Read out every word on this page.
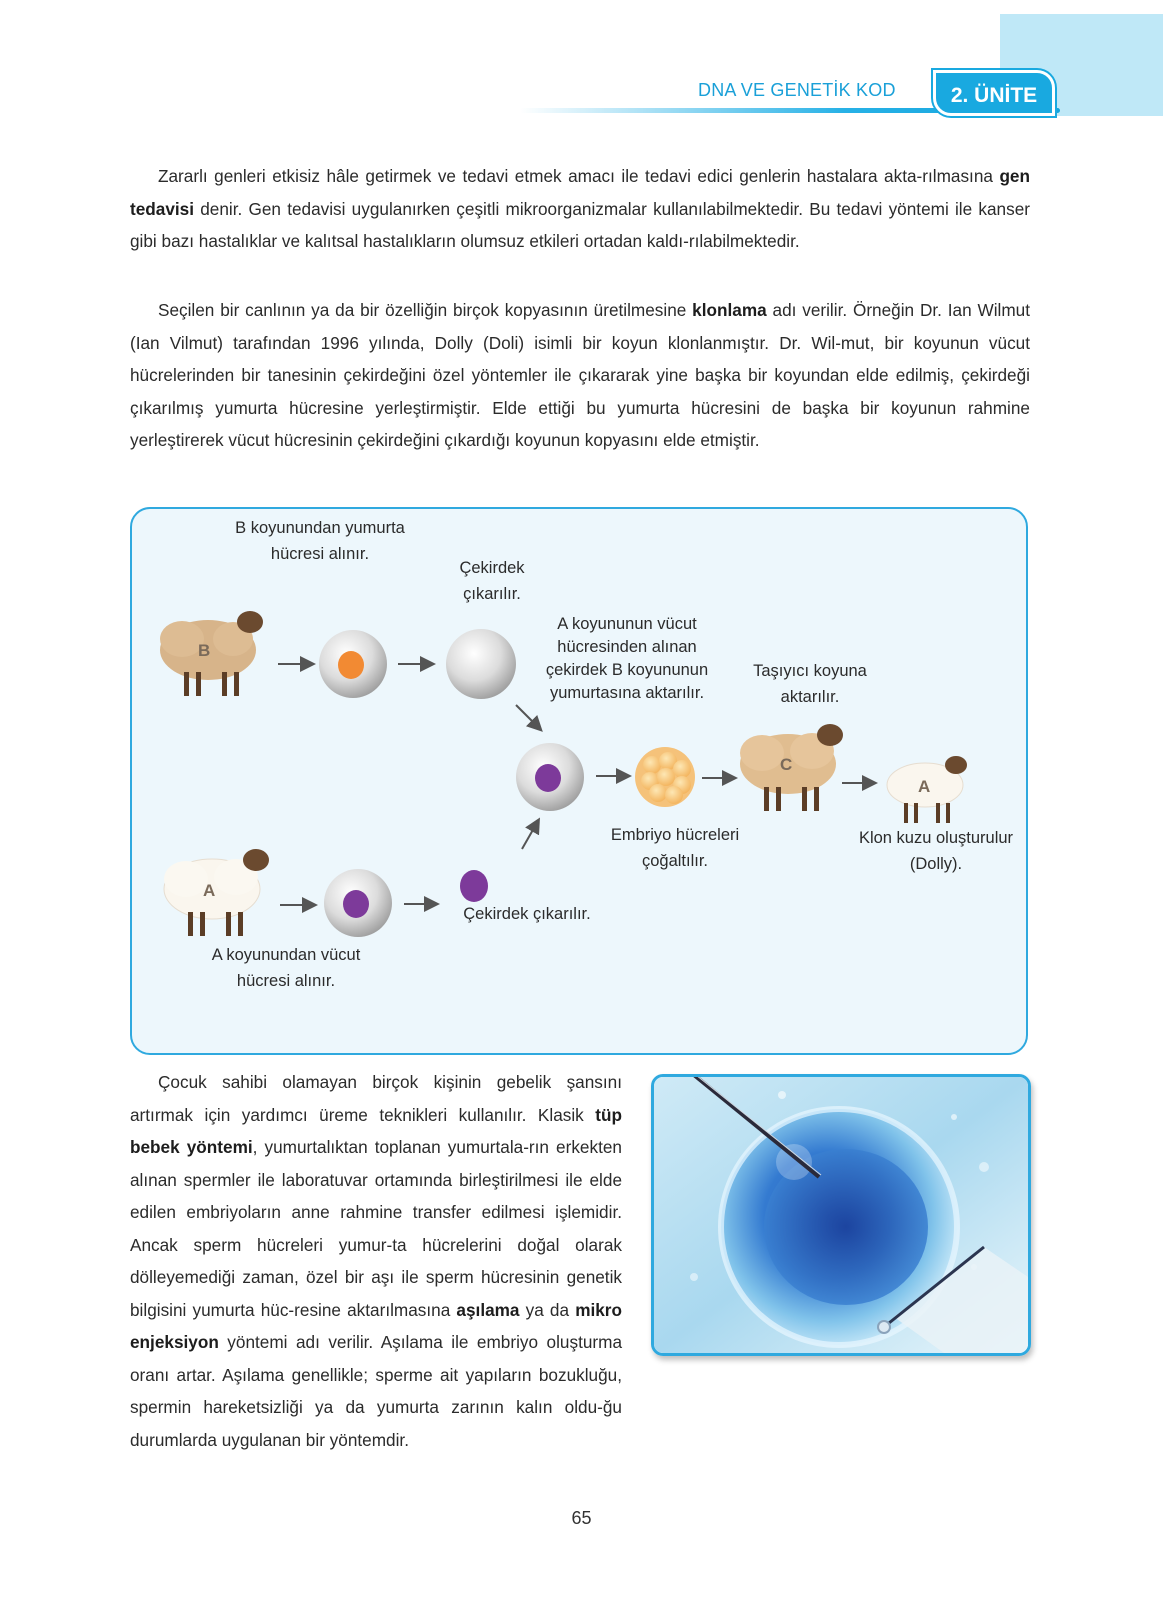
DNA VE GENETİK KOD	2. ÜNİTE

Zararlı genleri etkisiz hâle getirmek ve tedavi etmek amacı ile tedavi edici genlerin hastalara akta-rılmasına gen tedavisi denir. Gen tedavisi uygulanırken çeşitli mikroorganizmalar kullanılabilmektedir. Bu tedavi yöntemi ile kanser gibi bazı hastalıklar ve kalıtsal hastalıkların olumsuz etkileri ortadan kaldı-rılabilmektedir.

Seçilen bir canlının ya da bir özelliğin birçok kopyasının üretilmesine klonlama adı verilir. Örneğin Dr. Ian Wilmut (Ian Vilmut) tarafından 1996 yılında, Dolly (Doli) isimli bir koyun klonlanmıştır. Dr. Wil-mut, bir koyunun vücut hücrelerinden bir tanesinin çekirdeğini özel yöntemler ile çıkararak yine başka bir koyundan elde edilmiş, çekirdeği çıkarılmış yumurta hücresine yerleştirmiştir. Elde ettiği bu yumurta hücresini de başka bir koyunun rahmine yerleştirerek vücut hücresinin çekirdeğini çıkardığı koyunun kopyasını elde etmiştir.

B
C
A
A
B koyunundan yumurta hücresi alınır.
Çekirdek çıkarılır.
A koyununun vücut hücresinden alınan çekirdek B koyununun yumurtasına aktarılır.
Taşıyıcı koyuna aktarılır.
Embriyo hücreleri çoğaltılır.
Klon kuzu oluşturulur (Dolly).
Çekirdek çıkarılır.
A koyunundan vücut hücresi alınır.

Çocuk sahibi olamayan birçok kişinin gebelik şansını artırmak için yardımcı üreme teknikleri kullanılır. Klasik tüp bebek yöntemi, yumurtalıktan toplanan yumurtala-rın erkekten alınan spermler ile laboratuvar ortamında birleştirilmesi ile elde edilen embriyoların anne rahmine transfer edilmesi işlemidir. Ancak sperm hücreleri yumur-ta hücrelerini doğal olarak dölleyemediği zaman, özel bir aşı ile sperm hücresinin genetik bilgisini yumurta hüc-resine aktarılmasına aşılama ya da mikro enjeksiyon yöntemi adı verilir. Aşılama ile embriyo oluşturma oranı artar. Aşılama genellikle; sperme ait yapıların bozukluğu, spermin hareketsizliği ya da yumurta zarının kalın oldu-ğu durumlarda uygulanan bir yöntemdir.

65
